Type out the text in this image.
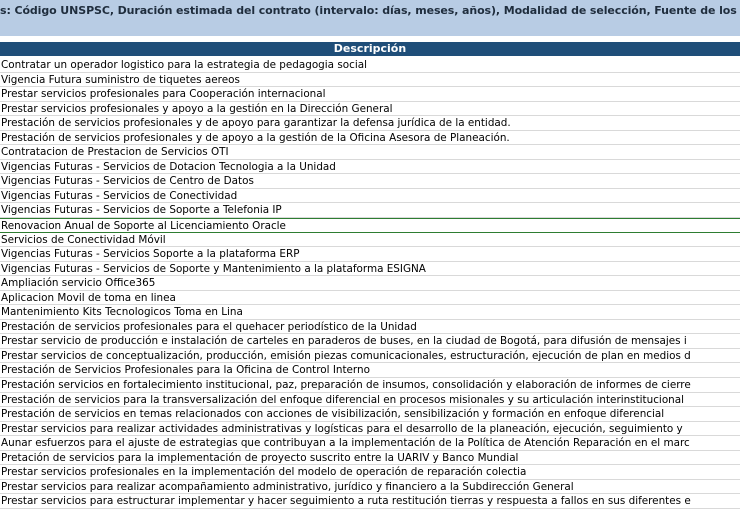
s: Código UNSPSC, Duración estimada del contrato (intervalo: días, meses, años), Modalidad de selección, Fuente de los
Descripción
Contratar un operador logistico para la estrategia de pedagogia social
Vigencia Futura suministro de tiquetes aereos
Prestar servicios profesionales para Cooperación internacional
Prestar servicios profesionales y apoyo a la gestión en la Dirección General
Prestación de servicios profesionales y de apoyo para garantizar la defensa jurídica de la entidad.
Prestación de servicios profesionales y de apoyo a la gestión de la Oficina Asesora de Planeación.
Contratacion de Prestacion de Servicios OTI
Vigencias Futuras - Servicios de Dotacion Tecnologia a la Unidad
Vigencias Futuras - Servicios de Centro de Datos
Vigencias Futuras - Servicios de Conectividad
Vigencias Futuras - Servicios de Soporte a Telefonia IP
Renovacion Anual de Soporte al Licenciamiento Oracle
Servicios de Conectividad Móvil
Vigencias Futuras - Servicios Soporte a la plataforma ERP
Vigencias Futuras - Servicios de Soporte y Mantenimiento a la plataforma ESIGNA
Ampliación servicio Office365
Aplicacion Movil de toma en linea
Mantenimiento Kits Tecnologicos Toma en Lina
Prestación de servicios profesionales para el quehacer periodístico de la Unidad
Prestar servicio de producción e instalación de carteles en paraderos de buses, en la ciudad de Bogotá, para difusión de mensajes i
Prestar servicios de conceptualización, producción, emisión piezas comunicacionales, estructuración, ejecución de plan en medios d
Prestación de Servicios Profesionales para la Oficina de Control Interno
Prestación servicios en fortalecimiento institucional, paz, preparación de insumos, consolidación y elaboración de informes de cierre
Prestación de servicios para la transversalización del enfoque diferencial en procesos misionales y su articulación interinstitucional
Prestación de servicios en temas relacionados con acciones de visibilización, sensibilización y formación en enfoque diferencial
Prestar servicios para realizar actividades administrativas y logísticas para el desarrollo de la planeación, ejecución, seguimiento y
Aunar esfuerzos para el ajuste de estrategias que contribuyan a la implementación de la Política de Atención Reparación en el marc
Pretación de servicios para la implementación de proyecto suscrito entre la UARIV y Banco Mundial
Prestar servicios profesionales en la implementación del modelo de operación de reparación colectia
Prestar servicios para realizar acompañamiento administrativo, jurídico y financiero a la Subdirección General
Prestar servicios para estructurar implementar y hacer seguimiento a ruta restitución tierras y respuesta a fallos en sus diferentes e
